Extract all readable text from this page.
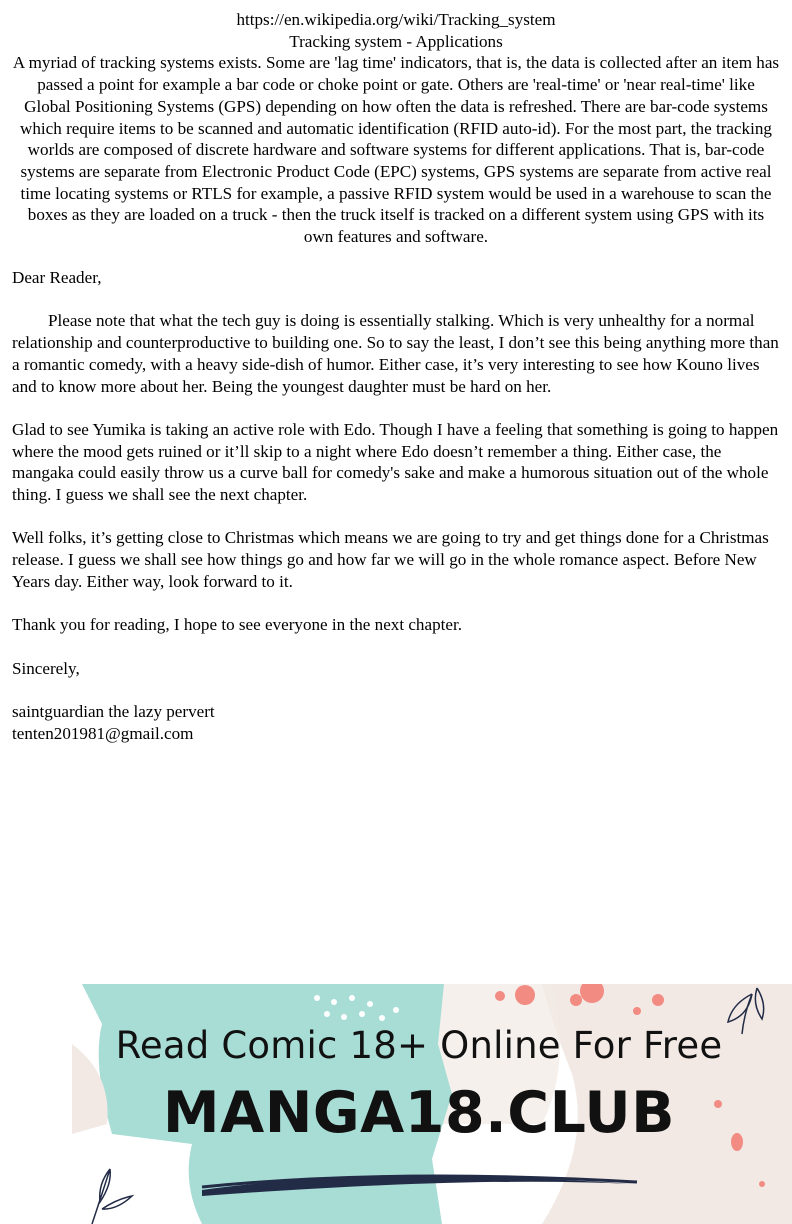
https://en.wikipedia.org/wiki/Tracking_system

Tracking system - Applications

A myriad of tracking systems exists. Some are 'lag time' indicators, that is, the data is collected after an item has passed a point for example a bar code or choke point or gate. Others are 'real-time' or 'near real-time' like Global Positioning Systems (GPS) depending on how often the data is refreshed. There are bar-code systems which require items to be scanned and automatic identification (RFID auto-id). For the most part, the tracking worlds are composed of discrete hardware and software systems for different applications. That is, bar-code systems are separate from Electronic Product Code (EPC) systems, GPS systems are separate from active real time locating systems or RTLS for example, a passive RFID system would be used in a warehouse to scan the boxes as they are loaded on a truck - then the truck itself is tracked on a different system using GPS with its own features and software.

Dear Reader,

Please note that what the tech guy is doing is essentially stalking. Which is very unhealthy for a normal relationship and counterproductive to building one. So to say the least, I don’t see this being anything more than a romantic comedy, with a heavy side-dish of humor. Either case, it’s very interesting to see how Kouno lives and to know more about her. Being the youngest daughter must be hard on her.

Glad to see Yumika is taking an active role with Edo. Though I have a feeling that something is going to happen where the mood gets ruined or it’ll skip to a night where Edo doesn’t remember a thing. Either case, the mangaka could easily throw us a curve ball for comedy's sake and make a humorous situation out of the whole thing. I guess we shall see the next chapter.

Well folks, it’s getting close to Christmas which means we are going to try and get things done for a Christmas release. I guess we shall see how things go and how far we will go in the whole romance aspect. Before New Years day. Either way, look forward to it.

Thank you for reading, I hope to see everyone in the next chapter.

Sincerely,

saintguardian the lazy pervert

tenten201981@gmail.com

Read Comic 18+ Online For Free
MANGA18.CLUB
